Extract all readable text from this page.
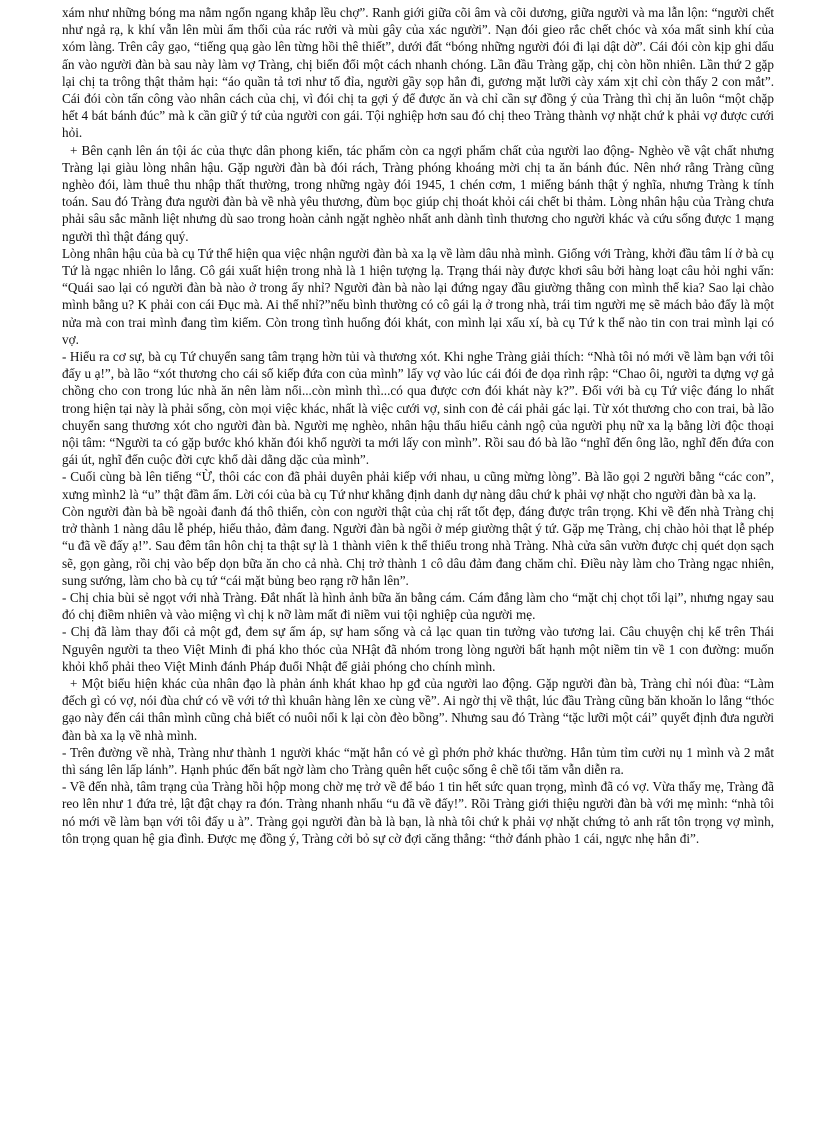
xám như những bóng ma nằm ngổn ngang khắp lều chợ”. Ranh giới giữa cõi âm và cõi dương, giữa người và ma lẫn lộn: “người chết như ngả rạ, k khí vẫn lên mùi ẩm thối của rác rưởi và mùi gây của xác người”. Nạn đói gieo rắc chết chóc và xóa mất sinh khí của xóm làng. Trên cây gạo, “tiếng quạ gào lên từng hồi thê thiết”, dưới đất “bóng những người đói đi lại dật dờ”. Cái đói còn kịp ghi dấu ấn vào người đàn bà sau này làm vợ Tràng, chị biến đổi một cách nhanh chóng. Lần đầu Tràng gặp, chị còn hồn nhiên. Lần thứ 2 gặp lại chị ta trông thật thảm hại: “áo quần tả tơi như tổ đỉa, người gầy sọp hẳn đi, gương mặt lưỡi cày xám xịt chỉ còn thấy 2 con mắt”. Cái đói còn tấn công vào nhân cách của chị, vì đói chị ta gợi ý để được ăn và chỉ cần sự đồng ý của Tràng thì chị ăn luôn “một chặp hết 4 bát bánh đúc” mà k cần giữ ý tứ của người con gái. Tội nghiệp hơn sau đó chị theo Tràng thành vợ nhặt chứ k phải vợ được cưới hỏi.

+ Bên cạnh lên án tội ác của thực dân phong kiến, tác phẩm còn ca ngợi phẩm chất của người lao động- Nghèo về vật chất nhưng Tràng lại giàu lòng nhân hậu. Gặp người đàn bà đói rách, Tràng phóng khoáng mời chị ta ăn bánh đúc. Nên nhớ rằng Tràng cũng nghèo đói, làm thuê thu nhập thất thường, trong những ngày đói 1945, 1 chén cơm, 1 miếng bánh thật ý nghĩa, nhưng Tràng k tính toán. Sau đó Tràng đưa người đàn bà về nhà yêu thương, đùm bọc giúp chị thoát khỏi cái chết bi thảm. Lòng nhân hậu của Tràng chưa phải sâu sắc mãnh liệt nhưng dù sao trong hoàn cảnh ngặt nghèo nhất anh dành tình thương cho người khác và cứu sống được 1 mạng người thì thật đáng quý.

Lòng nhân hậu của bà cụ Tứ thể hiện qua việc nhận người đàn bà xa lạ về làm dâu nhà mình. Giống với Tràng, khởi đầu tâm lí ở bà cụ Tứ là ngạc nhiên lo lắng. Cô gái xuất hiện trong nhà là 1 hiện tượng lạ. Trạng thái này được khơi sâu bởi hàng loạt câu hỏi nghi vấn: “Quái sao lại có người đàn bà nào ở trong ấy nhỉ? Người đàn bà nào lại đứng ngay đầu giường thằng con mình thế kia? Sao lại chào mình bằng u? K phải con cái Đục mà. Ai thế nhỉ?”nếu bình thường có cô gái lạ ở trong nhà, trái tim người mẹ sẽ mách bảo đấy là một nửa mà con trai mình đang tìm kiếm. Còn trong tình huống đói khát, con mình lại xấu xí, bà cụ Tứ k thể nào tin con trai mình lại có vợ.

- Hiểu ra cơ sự, bà cụ Tứ chuyển sang tâm trạng hờn tủi và thương xót. Khi nghe Tràng giải thích: “Nhà tôi nó mới về làm bạn với tôi đấy u ạ!”, bà lão “xót thương cho cái số kiếp đứa con của mình” lấy vợ vào lúc cái đói đe dọa rình rập: “Chao ôi, người ta dựng vợ gả chồng cho con trong lúc nhà ăn nên làm nổi...còn mình thì...có qua được cơn đói khát này k?”. Đối với bà cụ Tứ việc đáng lo nhất trong hiện tại này là phải sống, còn mọi việc khác, nhất là việc cưới vợ, sinh con đẻ cái phải gác lại. Từ xót thương cho con trai, bà lão chuyển sang thương xót cho người đàn bà. Người mẹ nghèo, nhân hậu thấu hiểu cảnh ngộ của người phụ nữ xa lạ bằng lời độc thoại nội tâm: “Người ta có gặp bước khó khăn đói khổ người ta mới lấy con mình”. Rồi sau đó bà lão “nghĩ đến ông lão, nghĩ đến đứa con gái út, nghĩ đến cuộc đời cực khổ dài dằng dặc của mình”.

- Cuối cùng bà lên tiếng “Ừ, thôi các con đã phải duyên phải kiếp với nhau, u cũng mừng lòng”. Bà lão gọi 2 người bằng “các con”, xưng mình2 là “u” thật đầm ấm. Lời cói của bà cụ Tứ như khẳng định danh dự nàng dâu chứ k phải vợ nhặt cho người đàn bà xa lạ.

Còn người đàn bà bề ngoài đanh đá thô thiển, còn con người thật của chị rất tốt đẹp, đáng được trân trọng. Khi về đến nhà Tràng chị trở thành 1 nàng dâu lễ phép, hiếu thảo, đảm đang. Người đàn bà ngồi ở mép giường thật ý tứ. Gặp mẹ Tràng, chị chào hỏi thạt lễ phép “u đã về đấy ạ!”. Sau đêm tân hôn chị ta thật sự là 1 thành viên k thể thiếu trong nhà Tràng. Nhà cửa sân vườn được chị quét dọn sạch sẽ, gọn gàng, rồi chị vào bếp dọn bữa ăn cho cả nhà. Chị trở thành 1 cô dâu đảm đang chăm chỉ. Điều này làm cho Tràng ngạc nhiên, sung sướng, làm cho bà cụ tứ “cái mặt bủng beo rạng rỡ hẳn lên”.

- Chị chia bùi sẻ ngọt với nhà Tràng. Đắt nhất là hình ảnh bữa ăn bằng cám. Cám đắng làm cho “mặt chị chọt tối lại”, nhưng ngay sau đó chị điềm nhiên và vào miệng vì chị k nỡ làm mất đi niềm vui tội nghiệp của người mẹ.

- Chị đã làm thay đổi cả một gđ, đem sự ấm áp, sự ham sống và cả lạc quan tin tưởng vào tương lai. Câu chuyện chị kể trên Thái Nguyên người ta theo Việt Minh đi phá kho thóc của NHật đã nhóm trong lòng người bất hạnh một niềm tin về 1 con đường: muốn khỏi khổ phải theo Việt Minh đánh Pháp đuổi Nhật để giải phóng cho chính mình.

+ Một biểu hiện khác của nhân đạo là phản ánh khát khao hp gđ của người lao động. Gặp người đàn bà, Tràng chỉ nói đùa: “Làm đếch gì có vợ, nói đùa chứ có về với tớ thì khuân hàng lên xe cùng về”. Ai ngờ thị về thật, lúc đầu Tràng cũng băn khoăn lo lắng “thóc gạo này đến cái thân mình cũng chả biết có nuôi nổi k lại còn đèo bồng”. Nhưng sau đó Tràng “tặc lưỡi một cái” quyết định đưa người đàn bà xa lạ về nhà mình.

- Trên đường về nhà, Tràng như thành 1 người khác “mặt hắn có vẻ gì phớn phở khác thường. Hắn tủm tỉm cười nụ 1 mình và 2 mắt thì sáng lên lấp lánh”. Hạnh phúc đến bất ngờ làm cho Tràng quên hết cuộc sống ê chề tối tăm vẫn diễn ra.

- Về đến nhà, tâm trạng của Tràng hồi hộp mong chờ mẹ trở về để báo 1 tin hết sức quan trọng, mình đã có vợ. Vừa thấy mẹ, Tràng đã reo lên như 1 đứa trẻ, lật đật chạy ra đón. Tràng nhanh nhẩu “u đã về đấy!”. Rồi Tràng giới thiệu người đàn bà với mẹ mình: “nhà tôi nó mới về làm bạn với tôi đấy u à”. Tràng gọi người đàn bà là bạn, là nhà tôi chứ k phải vợ nhặt chứng tỏ anh rất tôn trọng vợ mình, tôn trọng quan hệ gia đình. Được mẹ đồng ý, Tràng cởi bỏ sự cờ đợi căng thẳng: “thở đánh phào 1 cái, ngực nhẹ hẳn đi”.
